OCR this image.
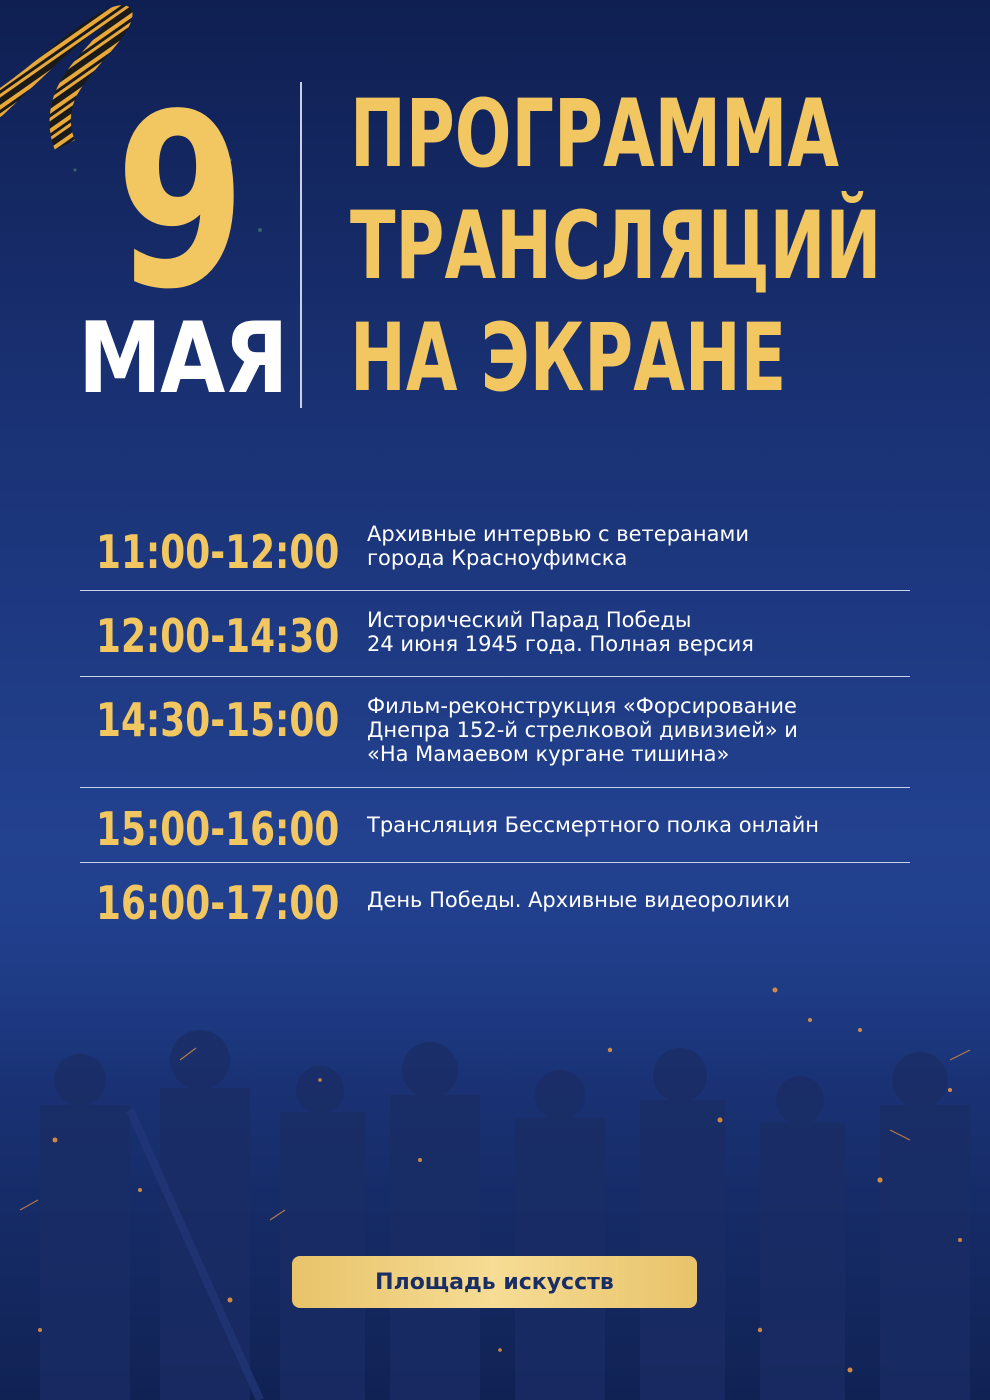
9
МАЯ
ПРОГРАММА
ТРАНСЛЯЦИЙ
НА ЭКРАНЕ
11:00-12:00 Архивные интервью с ветеранами
города Красноуфимска
12:00-14:30 Исторический Парад Победы
24 июня 1945 года. Полная версия
14:30-15:00 Фильм-реконструкция «Форсирование
Днепра 152-й стрелковой дивизией» и
«На Мамаевом кургане тишина»
15:00-16:00 Трансляция Бессмертного полка онлайн
16:00-17:00 День Победы. Архивные видеоролики
Площадь искусств
